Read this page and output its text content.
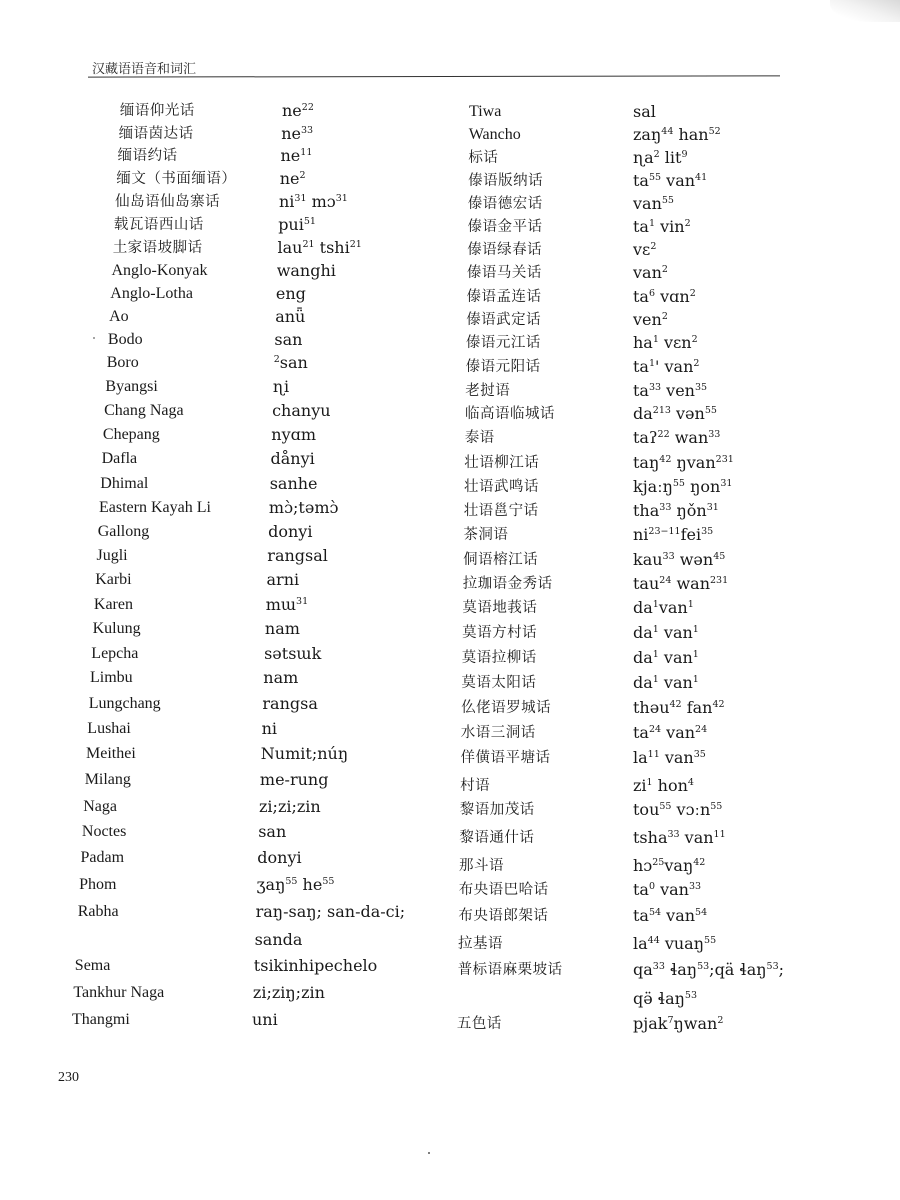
汉藏语语音和词汇
缅语仰光话	$ne^{22}$
缅语茵达话	$ne^{33}$
缅语约话	$ne^{11}$
缅文（书面缅语）	$ne^2$
仙岛语仙岛寨话	$ni^{31}$ mɔ$^{31}$
载瓦语西山话	pui$^{51}$
土家语坡脚话	lau$^{21}$ tshi$^{21}$
Anglo-Konyak	wanghi
Anglo-Lotha	eng
Ao	anǖ
Bodo	san
Boro	$^2$san
Byangsi	ɳi
Chang Naga	chanyu
Chepang	nyɑm
Dafla	dånyi
Dhimal	sanhe
Eastern Kayah Li	mɔ̀;təmɔ̀
Gallong	donyi
Jugli	rangsal
Karbi	arni
Karen	mɯ$^{31}$
Kulung	nam
Lepcha	sətsɯk
Limbu	nam
Lungchang	rangsa
Lushai	ni
Meithei	Numit;núŋ
Milang	me-rung
Naga	zi;zi;zin
Noctes	san
Padam	donyi
Phom	ʒaŋ$^{55}$ $he^{55}$
Rabha	raŋ-saŋ; san-da-ci;
sanda
Sema	tsikinhipechelo
Tankhur Naga	zi;ziŋ;zin
Thangmi	uni
Tiwa	sal
Wancho	zaŋ$^{44}$ han$^{52}$
标话	ɳa$^2$ lit$^9$
傣语版纳话	$ta^{55}$ van$^{41}$
傣语德宏话	van$^{55}$
傣语金平话	$ta^1$ vin$^2$
傣语绿春话	vɛ$^2$
傣语马关话	van$^2$
傣语孟连话	$ta^6$ vɑn$^2$
傣语武定话	ven$^2$
傣语元江话	$ha^1$ vɛn$^2$
傣语元阳话	$ta^1'$ van$^2$
老挝语	$ta^{33}$ ven$^{35}$
临高语临城话	$da^{213}$ vən$^{55}$
泰语	taʔ$^{22}$ wan$^{33}$
壮语柳江话	taŋ$^{42}$ ŋvan$^{231}$
壮语武鸣话	kjaːŋ$^{55}$ ŋon$^{31}$
壮语邕宁话	tha$^{33}$ ŋǒn$^{31}$
茶洞语	$ni^{23-11}fei^{35}$
侗语榕江话	kau$^{33}$ wən$^{45}$
拉珈语金秀话	tau$^{24}$ wan$^{231}$
莫语地莪话	$da^1van^1$
莫语方村话	$da^1$ van$^1$
莫语拉柳话	$da^1$ van$^1$
莫语太阳话	$da^1$ van$^1$
仫佬语罗城话	thəu$^{42}$ fan$^{42}$
水语三洞话	$ta^{24}$ van$^{24}$
佯僙语平塘话	$la^{11}$ van$^{35}$
村语	$zi^1$ hon$^4$
黎语加茂话	tou$^{55}$ vɔːn$^{55}$
黎语通什话	tsha$^{33}$ van$^{11}$
那斗语	hɔ$^{25}$vaŋ$^{42}$
布央语巴哈话	$ta^0$ van$^{33}$
布央语郎架话	$ta^{54}$ van$^{54}$
拉基语	$la^{44}$ vuaŋ$^{55}$
普标语麻栗坡话	$qa^{33}$ ɬaŋ$^{53}$;qä ɬaŋ$^{53}$;
qə̈ ɬaŋ$^{53}$
五色话	pjak$^7$ŋwan$^2$
230
